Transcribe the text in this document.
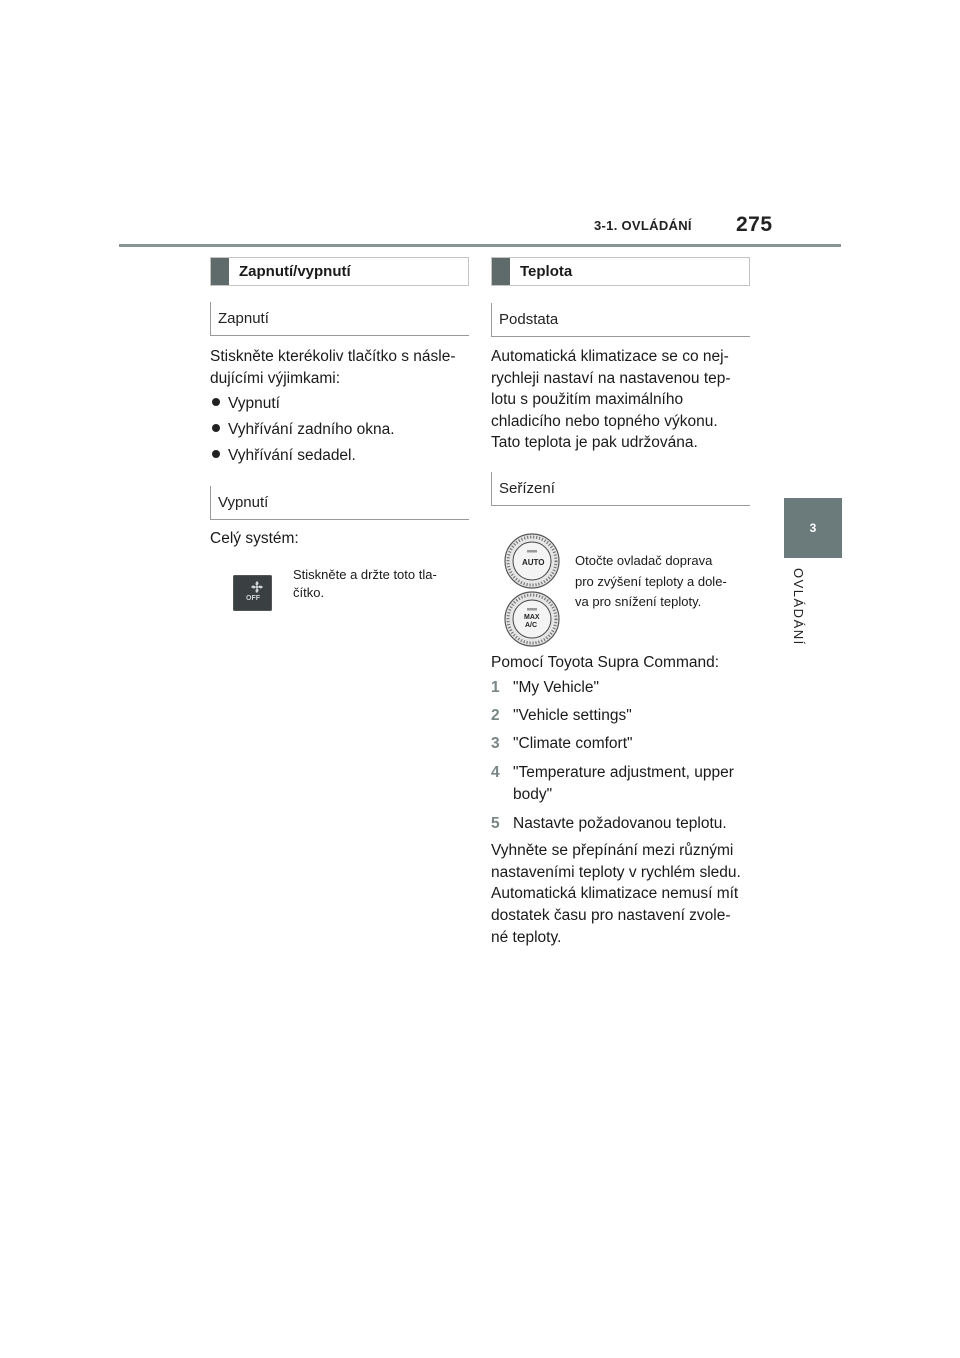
3-1. OVLÁDÁNÍ 275
3
OVLÁDÁNÍ
Zapnutí/vypnutí
Zapnutí
Stiskněte kterékoliv tlačítko s násle-
dujícími výjimkami:
Vypnutí
Vyhřívání zadního okna.
Vyhřívání sedadel.
Vypnutí
Celý systém:
OFF
Stiskněte a držte toto tla-
čítko.
Teplota
Podstata
Automatická klimatizace se co nej-
rychleji nastaví na nastavenou tep-
lotu s použitím maximálního
chladicího nebo topného výkonu.
Tato teplota je pak udržována.
Seřízení
AUTO
MAX
A/C
Otočte ovladač doprava
pro zvýšení teploty a dole-
va pro snížení teploty.
Pomocí Toyota Supra Command:
1 "My Vehicle"
2 "Vehicle settings"
3 "Climate comfort"
4 "Temperature adjustment, upper
body"
5 Nastavte požadovanou teplotu.
Vyhněte se přepínání mezi různými
nastaveními teploty v rychlém sledu.
Automatická klimatizace nemusí mít
dostatek času pro nastavení zvole-
né teploty.
